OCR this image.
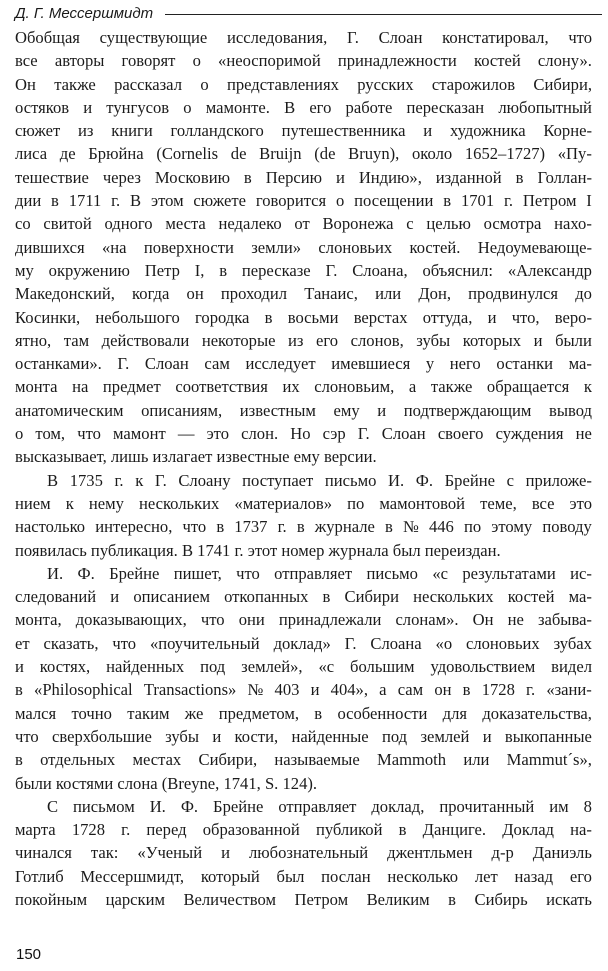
Д. Г. Мессершмидт
Обобщая существующие исследования, Г. Слоан констатировал, что
все авторы говорят о «неоспоримой принадлежности костей слону».
Он также рассказал о представлениях русских старожилов Сибири,
остяков и тунгусов о мамонте. В его работе пересказан любопытный
сюжет из книги голландского путешественника и художника Корне-
лиса де Брюйна (Cornelis de Bruijn (de Bruyn), около 1652–1727) «Пу-
тешествие через Московию в Персию и Индию», изданной в Голлан-
дии в 1711 г. В этом сюжете говорится о посещении в 1701 г. Петром I
со свитой одного места недалеко от Воронежа с целью осмотра нахо-
дившихся «на поверхности земли» слоновьих костей. Недоумевающе-
му окружению Петр I, в пересказе Г. Слоана, объяснил: «Александр
Македонский, когда он проходил Танаис, или Дон, продвинулся до
Косинки, небольшого городка в восьми верстах оттуда, и что, веро-
ятно, там действовали некоторые из его слонов, зубы которых и были
останками». Г. Слоан сам исследует имевшиеся у него останки ма-
монта на предмет соответствия их слоновьим, а также обращается к
анатомическим описаниям, известным ему и подтверждающим вывод
о том, что мамонт — это слон. Но сэр Г. Слоан своего суждения не
высказывает, лишь излагает известные ему версии.
В 1735 г. к Г. Слоану поступает письмо И. Ф. Брейне с приложе-
нием к нему нескольких «материалов» по мамонтовой теме, все это
настолько интересно, что в 1737 г. в журнале в № 446 по этому поводу
появилась публикация. В 1741 г. этот номер журнала был переиздан.
И. Ф. Брейне пишет, что отправляет письмо «с результатами ис-
следований и описанием откопанных в Сибири нескольких костей ма-
монта, доказывающих, что они принадлежали слонам». Он не забыва-
ет сказать, что «поучительный доклад» Г. Слоана «о слоновьих зубах
и костях, найденных под землей», «с большим удовольствием видел
в «Philosophical Transactions» № 403 и 404», а сам он в 1728 г. «зани-
мался точно таким же предметом, в особенности для доказательства,
что сверхбольшие зубы и кости, найденные под землей и выкопанные
в отдельных местах Сибири, называемые Mammoth или Mammut´s»,
были костями слона (Breyne, 1741, S. 124).
С письмом И. Ф. Брейне отправляет доклад, прочитанный им 8
марта 1728 г. перед образованной публикой в Данциге. Доклад на-
чинался так: «Ученый и любознательный джентльмен д-р Даниэль
Готлиб Мессершмидт, который был послан несколько лет назад его
покойным царским Величеством Петром Великим в Сибирь искать
150
